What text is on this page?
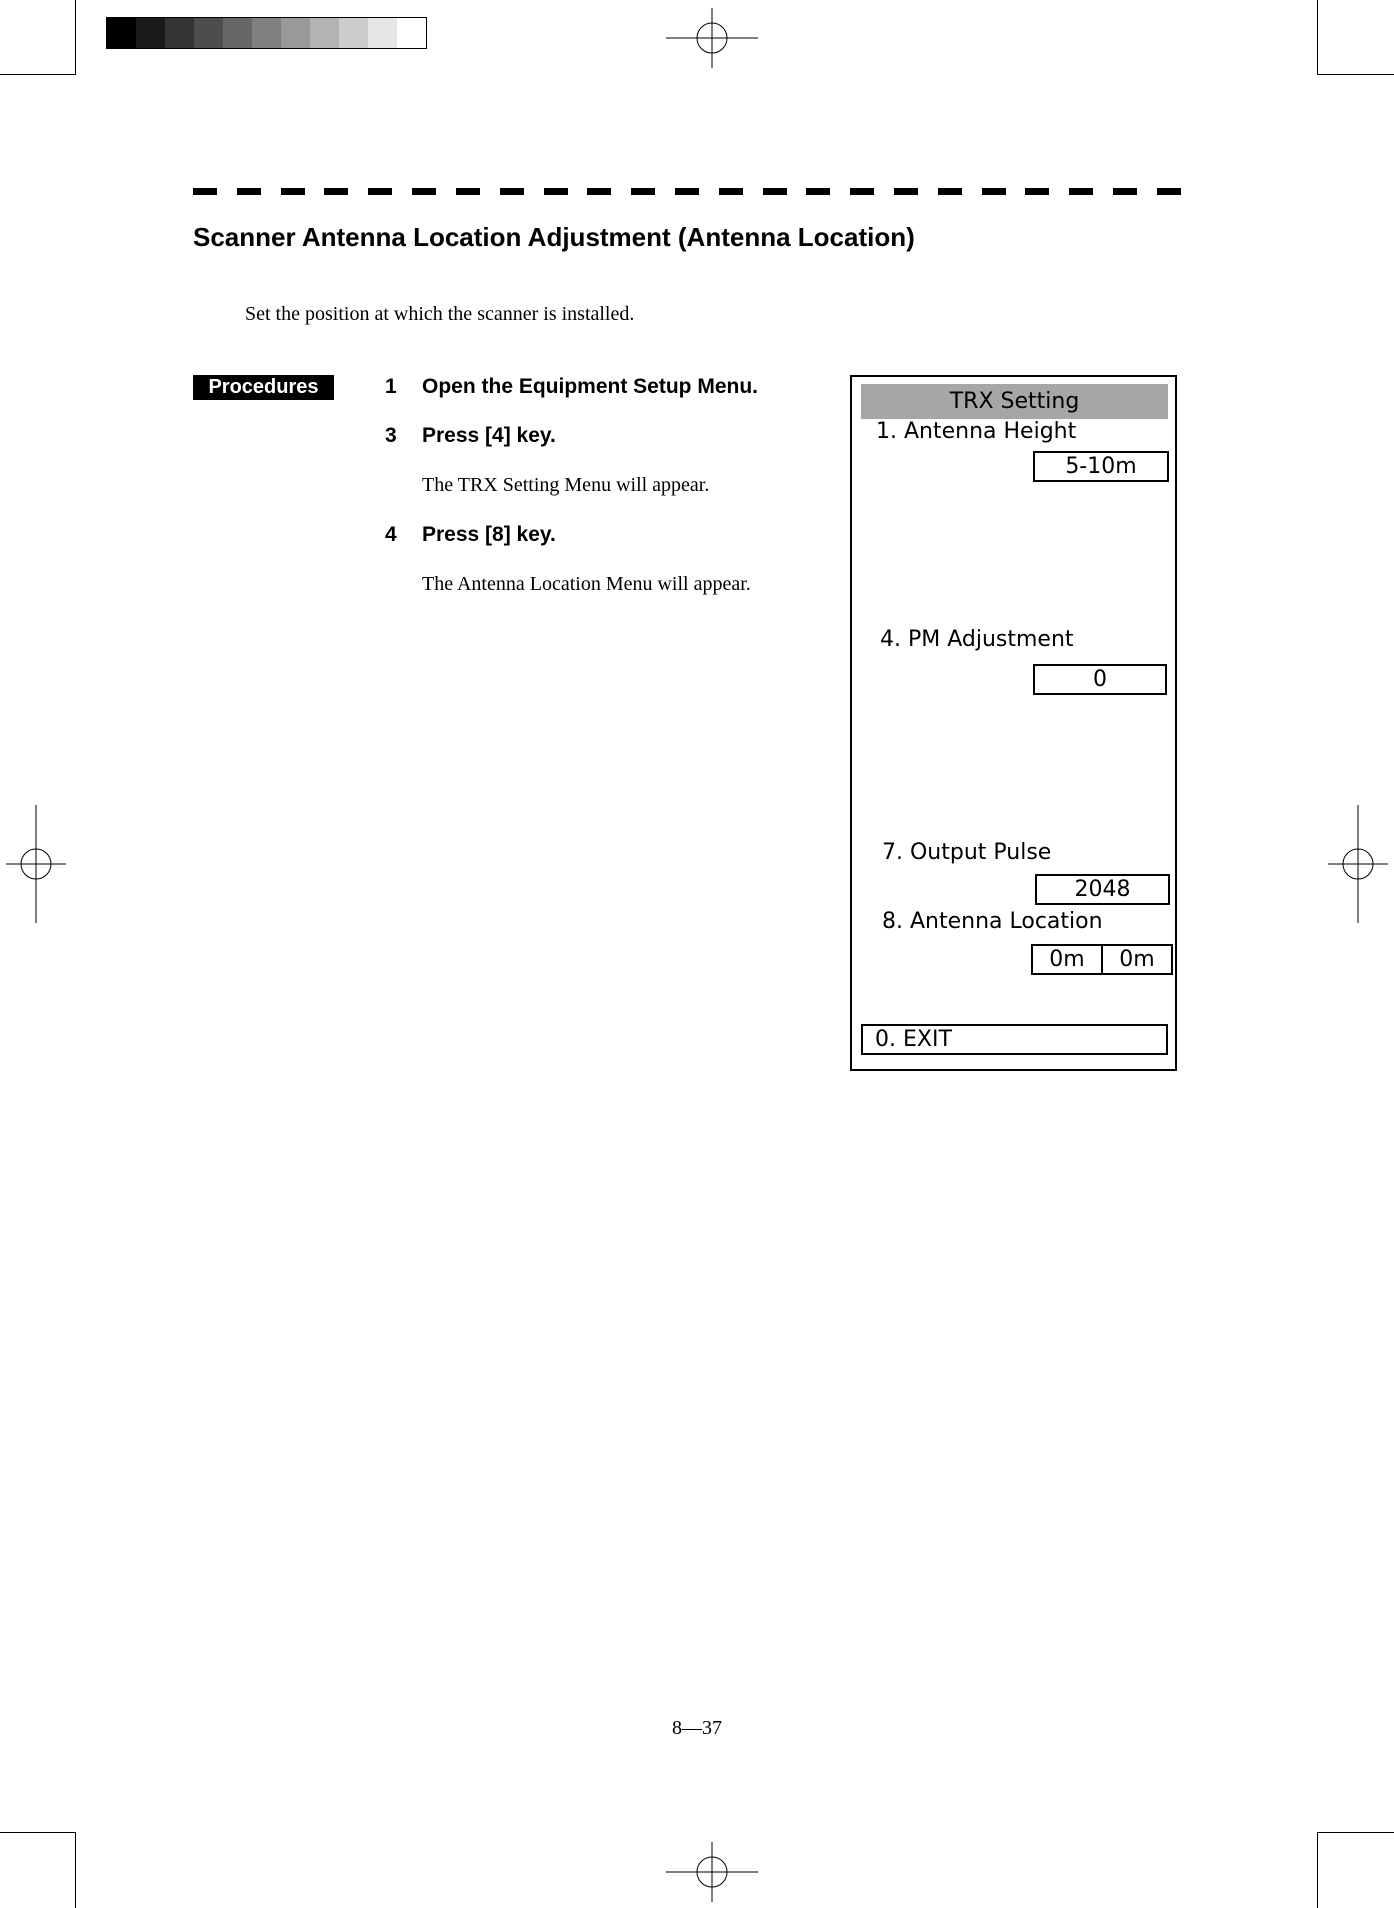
Scanner Antenna Location Adjustment (Antenna Location)
Set the position at which the scanner is installed.
Procedures	1 Open the Equipment Setup Menu.
3 Press [4] key.
The TRX Setting Menu will appear.
4 Press [8] key.
The Antenna Location Menu will appear.
TRX Setting
1. Antenna Height
5-10m
4. PM Adjustment
0
7. Output Pulse
2048
8. Antenna Location
0m	0m
0. EXIT
8—37
